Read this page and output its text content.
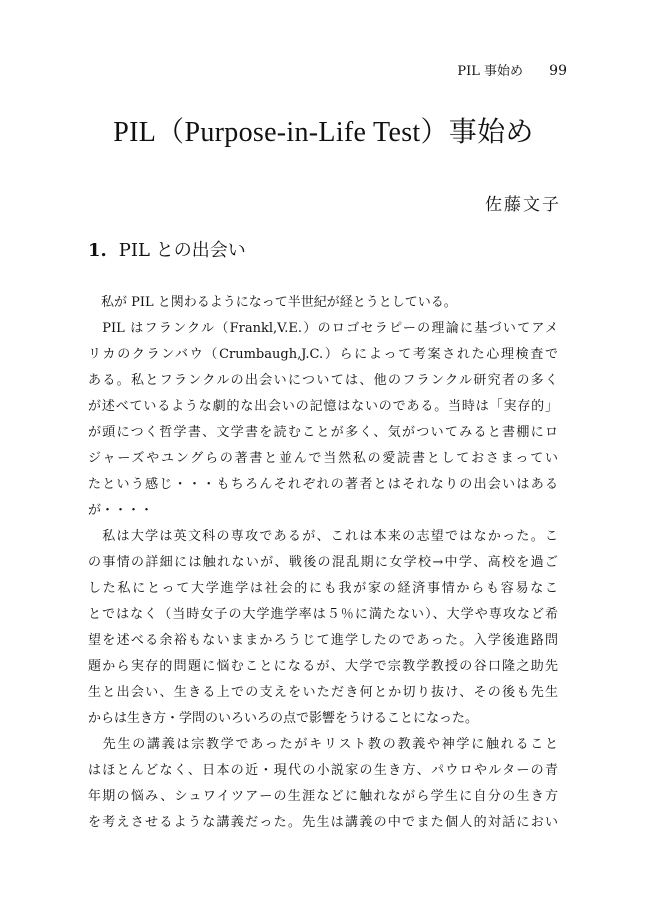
PIL 事始め 99
PIL（Purpose-in-Life Test）事始め
佐藤文子
1. PIL との出会い
　私が PIL と関わるようになって半世紀が経とうとしている。
　PIL はフランクル（Frankl,V.E.）のロゴセラピーの理論に基づいてアメ
リカのクランバウ（Crumbaugh,J.C.）らによって考案された心理検査で
ある。私とフランクルの出会いについては、他のフランクル研究者の多く
が述べているような劇的な出会いの記憶はないのである。当時は「実存的」
が頭につく哲学書、文学書を読むことが多く、気がついてみると書棚にロ
ジャーズやユングらの著書と並んで当然私の愛読書としておさまってい
たという感じ・・・もちろんそれぞれの著者とはそれなりの出会いはある
が・・・・
　私は大学は英文科の専攻であるが、これは本来の志望ではなかった。こ
の事情の詳細には触れないが、戦後の混乱期に女学校→中学、高校を過ご
した私にとって大学進学は社会的にも我が家の経済事情からも容易なこ
とではなく（当時女子の大学進学率は５％に満たない）、大学や専攻など希
望を述べる余裕もないままかろうじて進学したのであった。入学後進路問
題から実存的問題に悩むことになるが、大学で宗教学教授の谷口隆之助先
生と出会い、生きる上での支えをいただき何とか切り抜け、その後も先生
からは生き方・学問のいろいろの点で影響をうけることになった。
　先生の講義は宗教学であったがキリスト教の教義や神学に触れること
はほとんどなく、日本の近・現代の小説家の生き方、パウロやルターの青
年期の悩み、シュワイツアーの生涯などに触れながら学生に自分の生き方
を考えさせるような講義だった。先生は講義の中でまた個人的対話におい
